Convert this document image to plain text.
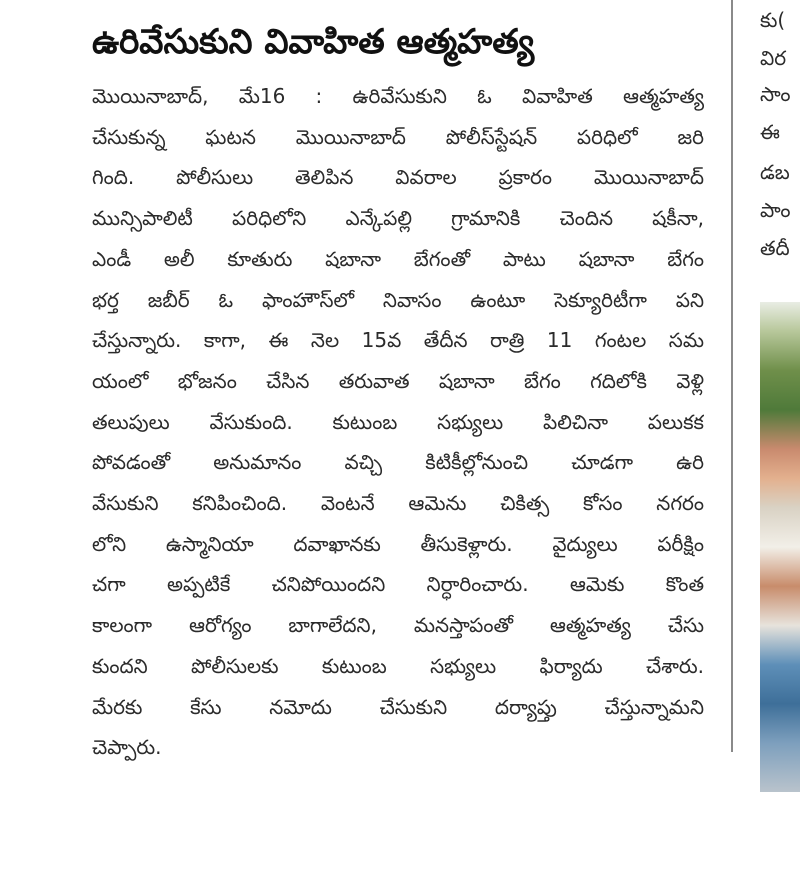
ఉరివేసుకుని వివాహిత ఆత్మహత్య
మొయినాబాద్, మే16 : ఉరివేసుకుని ఓ వివాహిత ఆత్మహత్య
చేసుకున్న ఘటన మొయినాబాద్ పోలీస్‌స్టేషన్ పరిధిలో జరి
గింది. పోలీసులు తెలిపిన వివరాల ప్రకారం మొయినాబాద్
మున్సిపాలిటీ పరిధిలోని ఎన్కేపల్లి గ్రామానికి చెందిన షకీనా,
ఎండీ అలీ కూతురు షబానా బేగంతో పాటు షబానా బేగం
భర్త జబీర్ ఓ ఫాంహౌస్‌లో నివాసం ఉంటూ సెక్యూరిటీగా పని
చేస్తున్నారు. కాగా, ఈ నెల 15వ తేదీన రాత్రి 11 గంటల సమ
యంలో భోజనం చేసిన తరువాత షబానా బేగం గదిలోకి వెళ్లి
తలుపులు వేసుకుంది. కుటుంబ సభ్యులు పిలిచినా పలుకక
పోవడంతో అనుమానం వచ్చి కిటికీల్లోనుంచి చూడగా ఉరి
వేసుకుని కనిపించింది. వెంటనే ఆమెను చికిత్స కోసం నగరం
లోని ఉస్మానియా దవాఖానకు తీసుకెళ్లారు. వైద్యులు పరీక్షిం
చగా అప్పటికే చనిపోయిందని నిర్ధారించారు. ఆమెకు కొంత
కాలంగా ఆరోగ్యం బాగాలేదని, మనస్తాపంతో ఆత్మహత్య చేసు
కుందని పోలీసులకు కుటుంబ సభ్యులు ఫిర్యాదు చేశారు.
మేరకు కేసు నమోదు చేసుకుని దర్యాప్తు చేస్తున్నామని
చెప్పారు.
కు(
విర
సాం
ఈ
డబ
పాం
తదీ
